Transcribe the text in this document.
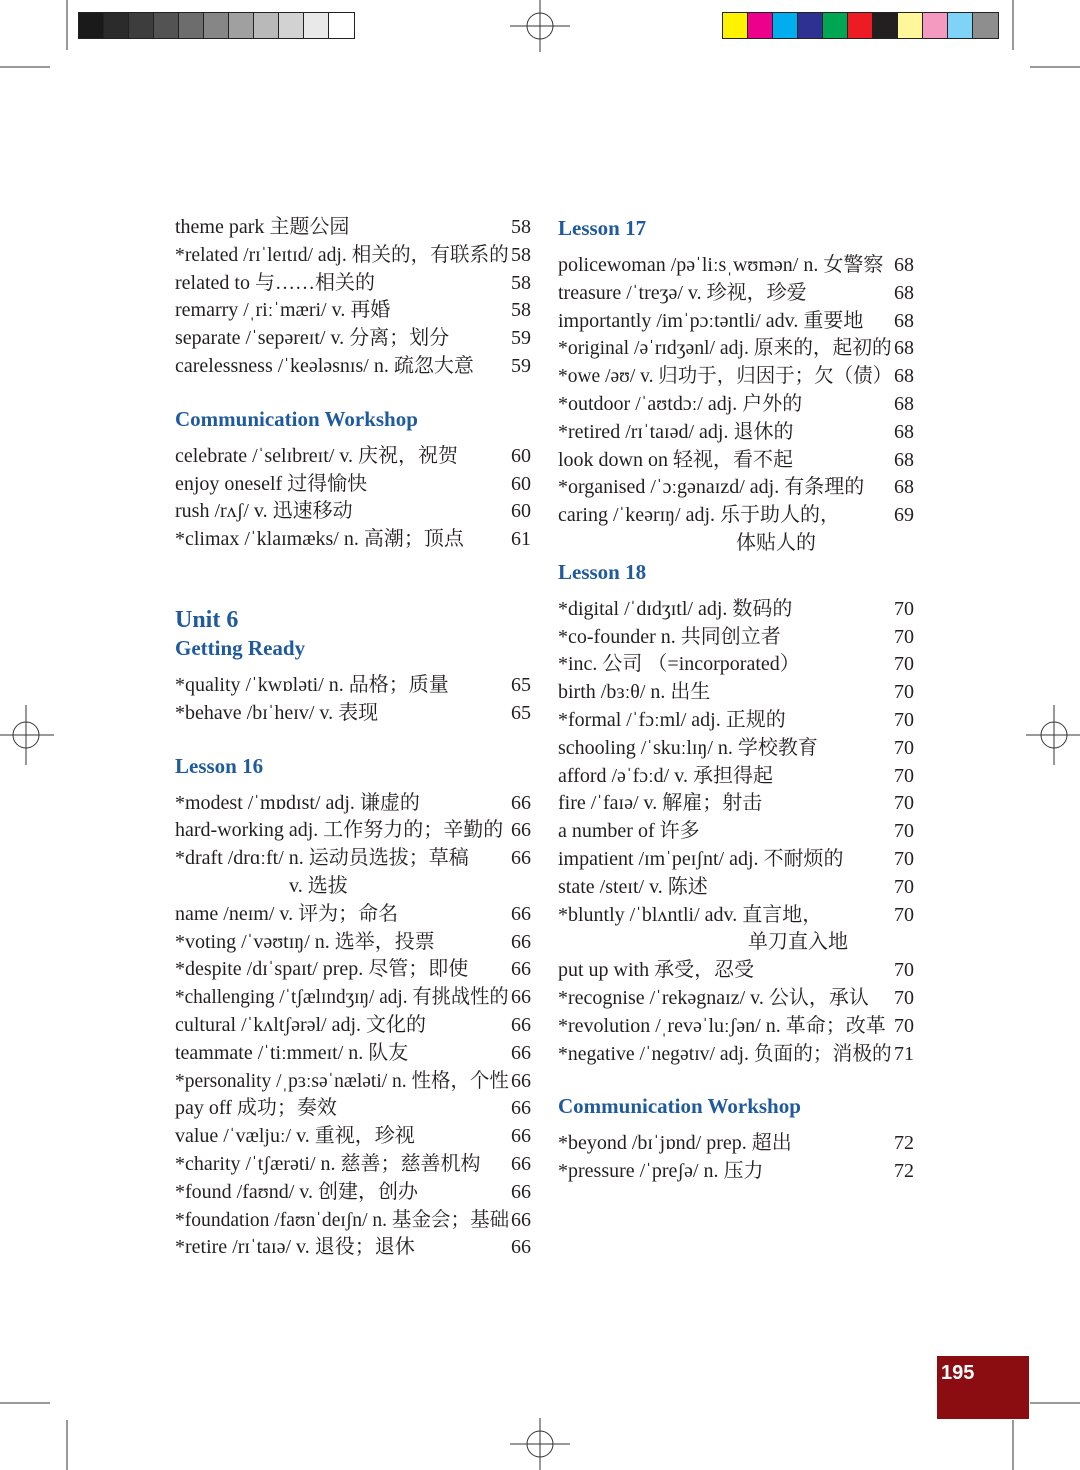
theme park 主题公园	58
*related /rɪˈleɪtɪd/ adj. 相关的，有联系的 58
related to 与……相关的	58
remarry /ˌriːˈmæri/ v. 再婚	58
separate /ˈsepəreɪt/ v. 分离；划分	59
carelessness /ˈkeələsnɪs/ n. 疏忽大意 59
Communication Workshop
celebrate /ˈselɪbreɪt/ v. 庆祝，祝贺	60
enjoy oneself 过得愉快	60
rush /rʌʃ/ v. 迅速移动	60
*climax /ˈklaɪmæks/ n. 高潮；顶点 61
Unit 6
Getting Ready
*quality /ˈkwɒləti/ n. 品格；质量	65
*behave /bɪˈheɪv/ v. 表现	65
Lesson 16
*modest /ˈmɒdɪst/ adj. 谦虚的	66
hard-working adj. 工作努力的；辛勤的 66
*draft /drɑːft/ n. 运动员选拔；草稿 66
v. 选拔
name /neɪm/ v. 评为；命名	66
*voting /ˈvəʊtɪŋ/ n. 选举，投票	66
*despite /dɪˈspaɪt/ prep. 尽管；即使 66
*challenging /ˈtʃælɪndʒɪŋ/ adj. 有挑战性的 66
cultural /ˈkʌltʃərəl/ adj. 文化的	66
teammate /ˈtiːmmeɪt/ n. 队友	66
*personality /ˌpɜːsəˈnæləti/ n. 性格，个性 66
pay off 成功；奏效	66
value /ˈvæljuː/ v. 重视，珍视	66
*charity /ˈtʃærəti/ n. 慈善；慈善机构 66
*found /faʊnd/ v. 创建，创办	66
*foundation /faʊnˈdeɪʃn/ n. 基金会；基础 66
*retire /rɪˈtaɪə/ v. 退役；退休	66
Lesson 17
policewoman /pəˈliːsˌwʊmən/ n. 女警察 68
treasure /ˈtreʒə/ v. 珍视，珍爱	68
importantly /imˈpɔːtəntli/ adv. 重要地 68
*original /əˈrɪdʒənl/ adj. 原来的，起初的 68
*owe /əʊ/ v. 归功于，归因于；欠（债） 68
*outdoor /ˈaʊtdɔː/ adj. 户外的	68
*retired /rɪˈtaɪəd/ adj. 退休的	68
look down on 轻视，看不起	68
*organised /ˈɔːgənaɪzd/ adj. 有条理的 68
caring /ˈkeərɪŋ/ adj. 乐于助人的，	69
体贴人的
Lesson 18
*digital /ˈdɪdʒɪtl/ adj. 数码的	70
*co-founder n. 共同创立者	70
*inc. 公司 （=incorporated）	70
birth /bɜːθ/ n. 出生	70
*formal /ˈfɔːml/ adj. 正规的	70
schooling /ˈskuːlɪŋ/ n. 学校教育	70
afford /əˈfɔːd/ v. 承担得起	70
fire /ˈfaɪə/ v. 解雇；射击	70
a number of 许多	70
impatient /ɪmˈpeɪʃnt/ adj. 不耐烦的	70
state /steɪt/ v. 陈述	70
*bluntly /ˈblʌntli/ adv. 直言地，	70
单刀直入地
put up with 承受，忍受	70
*recognise /ˈrekəgnaɪz/ v. 公认，承认 70
*revolution /ˌrevəˈluːʃən/ n. 革命；改革 70
*negative /ˈnegətɪv/ adj. 负面的；消极的 71
Communication Workshop
*beyond /bɪˈjɒnd/ prep. 超出	72
*pressure /ˈpreʃə/ n. 压力	72
195
